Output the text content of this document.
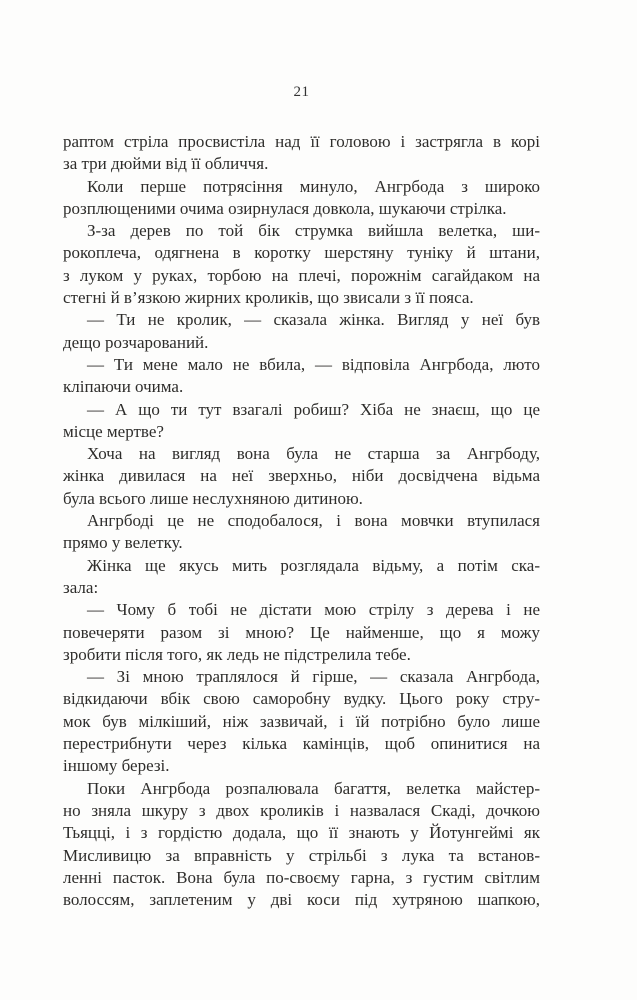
21
раптом стріла просвистіла над її головою і застрягла в корі
за три дюйми від її обличчя.
Коли перше потрясіння минуло, Ангрбода з широко
розплющеними очима озирнулася довкола, шукаючи стрілка.
З-за дерев по той бік струмка вийшла велетка, ши-
рокоплеча, одягнена в коротку шерстяну туніку й штани,
з луком у руках, торбою на плечі, порожнім сагайдаком на
стегні й в’язкою жирних кроликів, що звисали з її пояса.
— Ти не кролик, — сказала жінка. Вигляд у неї був
дещо розчарований.
— Ти мене мало не вбила, — відповіла Ангрбода, люто
кліпаючи очима.
— А що ти тут взагалі робиш? Хіба не знаєш, що це
місце мертве?
Хоча на вигляд вона була не старша за Ангрбоду,
жінка дивилася на неї зверхньо, ніби досвідчена відьма
була всього лише неслухняною дитиною.
Ангрбоді це не сподобалося, і вона мовчки втупилася
прямо у велетку.
Жінка ще якусь мить розглядала відьму, а потім ска-
зала:
— Чому б тобі не дістати мою стрілу з дерева і не
повечеряти разом зі мною? Це найменше, що я можу
зробити після того, як ледь не підстрелила тебе.
— Зі мною траплялося й гірше, — сказала Ангрбода,
відкидаючи вбік свою саморобну вудку. Цього року стру-
мок був мілкіший, ніж зазвичай, і їй потрібно було лише
перестрибнути через кілька камінців, щоб опинитися на
іншому березі.
Поки Ангрбода розпалювала багаття, велетка майстер-
но зняла шкуру з двох кроликів і назвалася Скаді, дочкою
Тьяцці, і з гордістю додала, що її знають у Йотунгеймі як
Мисливицю за вправність у стрільбі з лука та встанов-
ленні пасток. Вона була по-своєму гарна, з густим світлим
волоссям, заплетеним у дві коси під хутряною шапкою,
